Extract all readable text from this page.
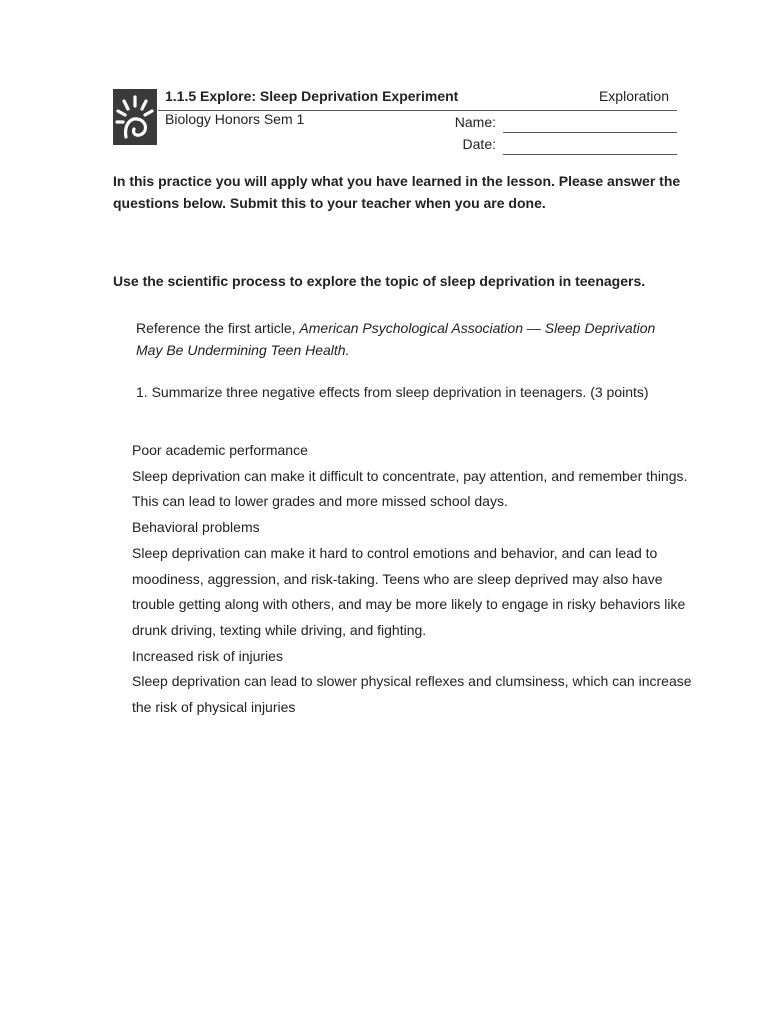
1.1.5 Explore: Sleep Deprivation Experiment	Exploration
Biology Honors Sem 1	Name:
Date:
In this practice you will apply what you have learned in the lesson. Please answer the questions below. Submit this to your teacher when you are done.
Use the scientific process to explore the topic of sleep deprivation in teenagers.
Reference the first article, American Psychological Association — Sleep Deprivation May Be Undermining Teen Health.
1. Summarize three negative effects from sleep deprivation in teenagers. (3 points)
Poor academic performance
Sleep deprivation can make it difficult to concentrate, pay attention, and remember things. This can lead to lower grades and more missed school days.
Behavioral problems
Sleep deprivation can make it hard to control emotions and behavior, and can lead to moodiness, aggression, and risk-taking. Teens who are sleep deprived may also have trouble getting along with others, and may be more likely to engage in risky behaviors like drunk driving, texting while driving, and fighting.
Increased risk of injuries
Sleep deprivation can lead to slower physical reflexes and clumsiness, which can increase the risk of physical injuries
